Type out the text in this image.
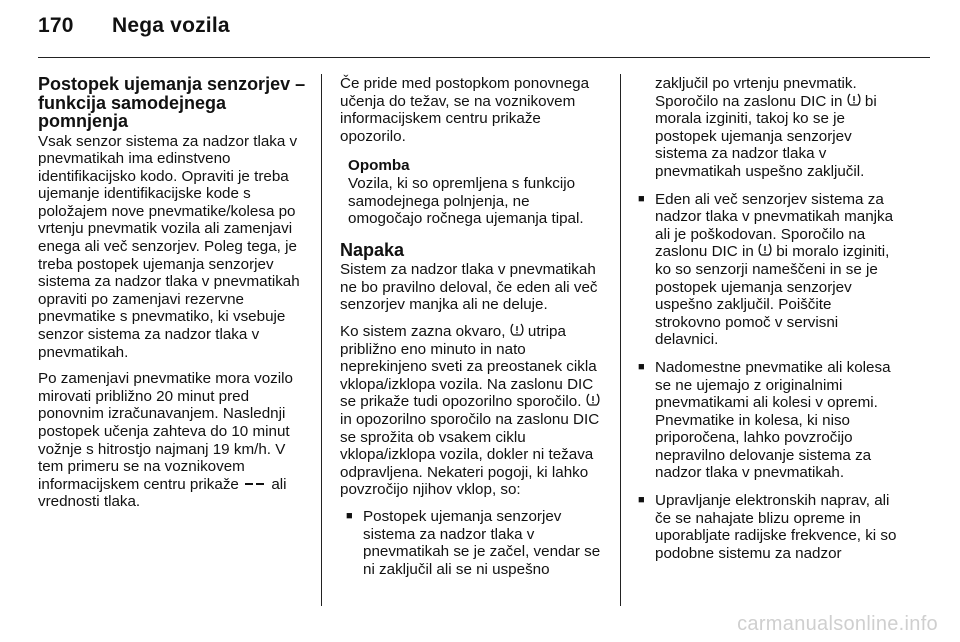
170	Nega vozila
Postopek ujemanja senzorjev – funkcija samodejnega pomnjenja

Vsak senzor sistema za nadzor tlaka v pnevmatikah ima edinstveno identifikacijsko kodo. Opraviti je treba ujemanje identifikacijske kode s položajem nove pnevmatike/kolesa po vrtenju pnevmatik vozila ali zamenjavi enega ali več senzorjev. Poleg tega, je treba postopek ujemanja senzorjev sistema za nadzor tlaka v pnevmatikah opraviti po zamenjavi rezervne pnevmatike s pnevmatiko, ki vsebuje senzor sistema za nadzor tlaka v pnevmatikah.

Po zamenjavi pnevmatike mora vozilo mirovati približno 20 minut pred ponovnim izračunavanjem. Naslednji postopek učenja zahteva do 10 minut vožnje s hitrostjo najmanj 19 km/h. V tem primeru se na voznikovem informacijskem centru prikaže ali vrednosti tlaka.

Če pride med postopkom ponovnega učenja do težav, se na voznikovem informacijskem centru prikaže opozorilo.

Opomba
Vozila, ki so opremljena s funkcijo samodejnega polnjenja, ne omogočajo ročnega ujemanja tipal.
Napaka

Sistem za nadzor tlaka v pnevmatikah ne bo pravilno deloval, če eden ali več senzorjev manjka ali ne deluje.

Ko sistem zazna okvaro, utripa približno eno minuto in nato neprekinjeno sveti za preostanek cikla vklopa/izklopa vozila. Na zaslonu DIC se prikaže tudi opozorilno sporočilo.  in opozorilno sporočilo na zaslonu DIC se sprožita ob vsakem ciklu vklopa/izklopa vozila, dokler ni težava odpravljena. Nekateri pogoji, ki lahko povzročijo njihov vklop, so:

■ Postopek ujemanja senzorjev sistema za nadzor tlaka v pnevmatikah se je začel, vendar se ni zaključil ali se ni uspešno
zaključil po vrtenju pnevmatik. Sporočilo na zaslonu DIC in bi morala izginiti, takoj ko se je postopek ujemanja senzorjev sistema za nadzor tlaka v pnevmatikah uspešno zaključil.
■ Eden ali več senzorjev sistema za nadzor tlaka v pnevmatikah manjka ali je poškodovan. Sporočilo na zaslonu DIC in bi moralo izginiti, ko so senzorji nameščeni in se je postopek ujemanja senzorjev uspešno zaključil. Poiščite strokovno pomoč v servisni delavnici.
■ Nadomestne pnevmatike ali kolesa se ne ujemajo z originalnimi pnevmatikami ali kolesi v opremi. Pnevmatike in kolesa, ki niso priporočena, lahko povzročijo nepravilno delovanje sistema za nadzor tlaka v pnevmatikah.
■ Upravljanje elektronskih naprav, ali če se nahajate blizu opreme in uporabljate radijske frekvence, ki so podobne sistemu za nadzor
carmanualsonline.info
